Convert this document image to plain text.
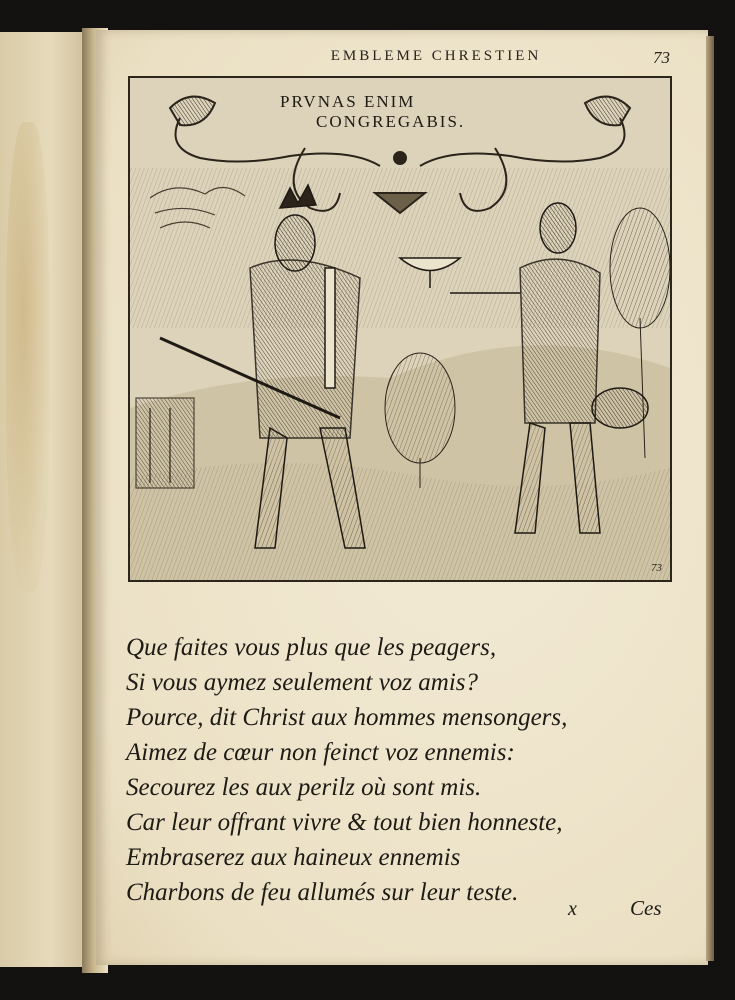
EMBLEME CHRESTIEN	73
PRVNAS ENIM
CONGREGABIS.
73
Que faites vous plus que les peagers,
Si vous aymez seulement voz amis?
Pource, dit Christ aux hommes mensongers,
Aimez de cœur non feinct voz ennemis:
Secourez les aux perilz où sont mis.
Car leur offrant vivre & tout bien honneste,
Embraserez aux haineux ennemis
Charbons de feu allumés sur leur teste.
x	Ces
